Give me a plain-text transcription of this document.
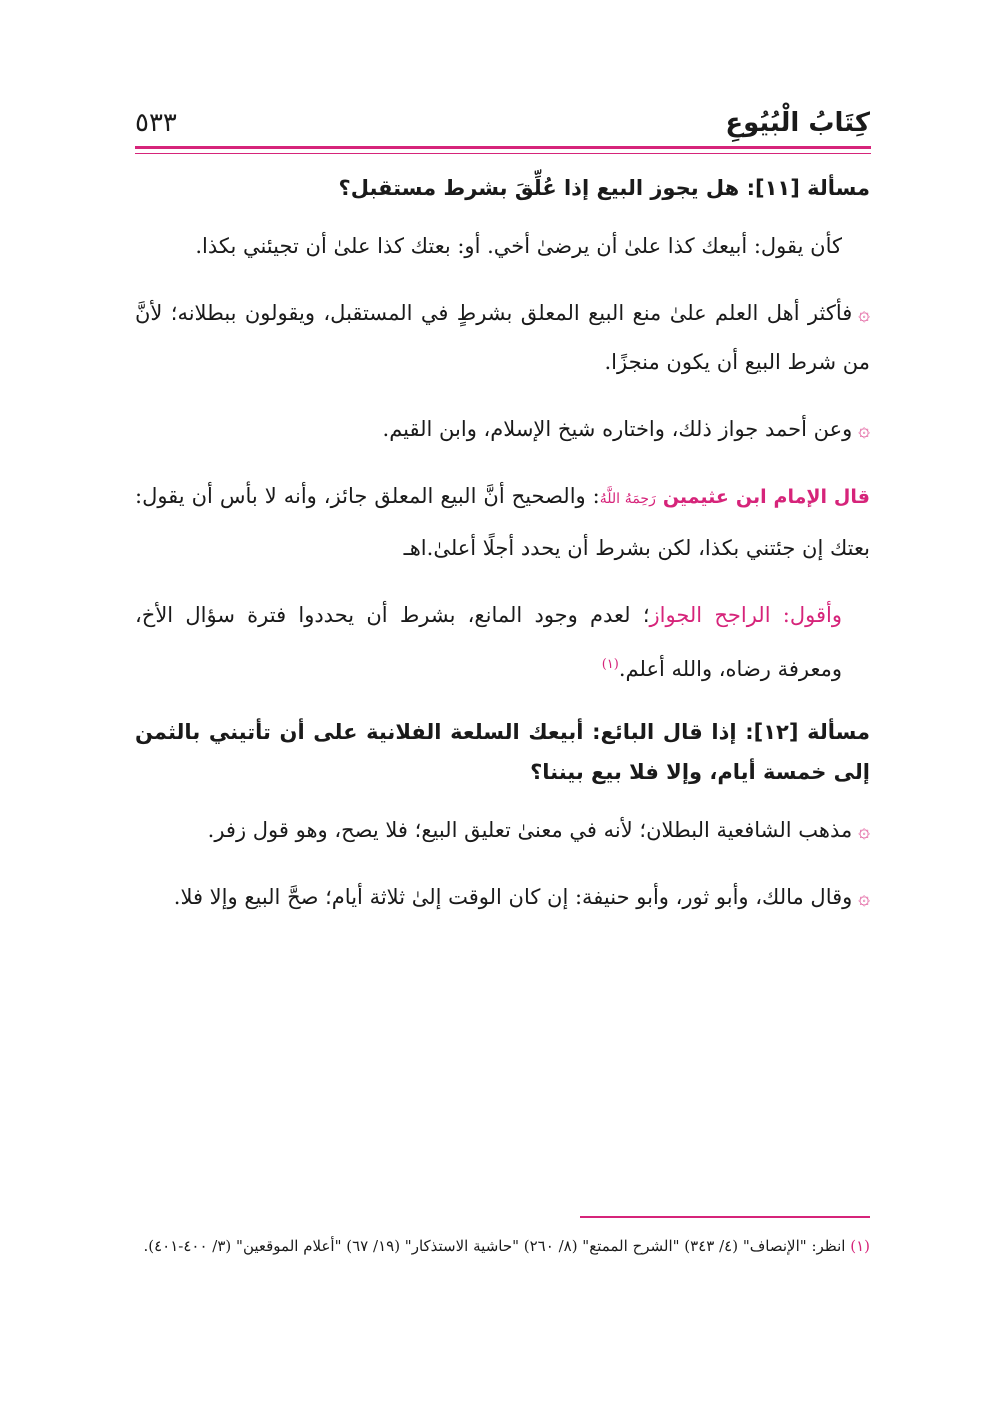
كِتَابُ الْبُيُوعِ
٥٣٣
مسألة [١١]: هل يجوز البيع إذا عُلِّقَ بشرط مستقبل؟

كأن يقول: أبيعك كذا علىٰ أن يرضىٰ أخي. أو: بعتك كذا علىٰ أن تجيئني بكذا.

۞فأكثر أهل العلم علىٰ منع البيع المعلق بشرطٍ في المستقبل، ويقولون ببطلانه؛ لأنَّ من شرط البيع أن يكون منجزًا.

۞وعن أحمد جواز ذلك، واختاره شيخ الإسلام، وابن القيم.

قال الإمام ابن عثيمين رَحِمَهُ اللَّهُ: والصحيح أنَّ البيع المعلق جائز، وأنه لا بأس أن يقول: بعتك إن جئتني بكذا، لكن بشرط أن يحدد أجلًا أعلىٰ.اهـ

وأقول: الراجح الجواز؛ لعدم وجود المانع، بشرط أن يحددوا فترة سؤال الأخ، ومعرفة رضاه، والله أعلم.$^{(١)}$

مسألة [١٢]: إذا قال البائع: أبيعك السلعة الفلانية على أن تأتيني بالثمن إلى خمسة أيام، وإلا فلا بيع بيننا؟

۞مذهب الشافعية البطلان؛ لأنه في معنىٰ تعليق البيع؛ فلا يصح، وهو قول زفر.

۞وقال مالك، وأبو ثور، وأبو حنيفة: إن كان الوقت إلىٰ ثلاثة أيام؛ صحَّ البيع وإلا فلا.

(١) انظر: "الإنصاف" (٤/ ٣٤٣) "الشرح الممتع" (٨/ ٢٦٠) "حاشية الاستذكار" (١٩/ ٦٧) "أعلام الموقعين" (٣/ ٤٠٠-٤٠١).
